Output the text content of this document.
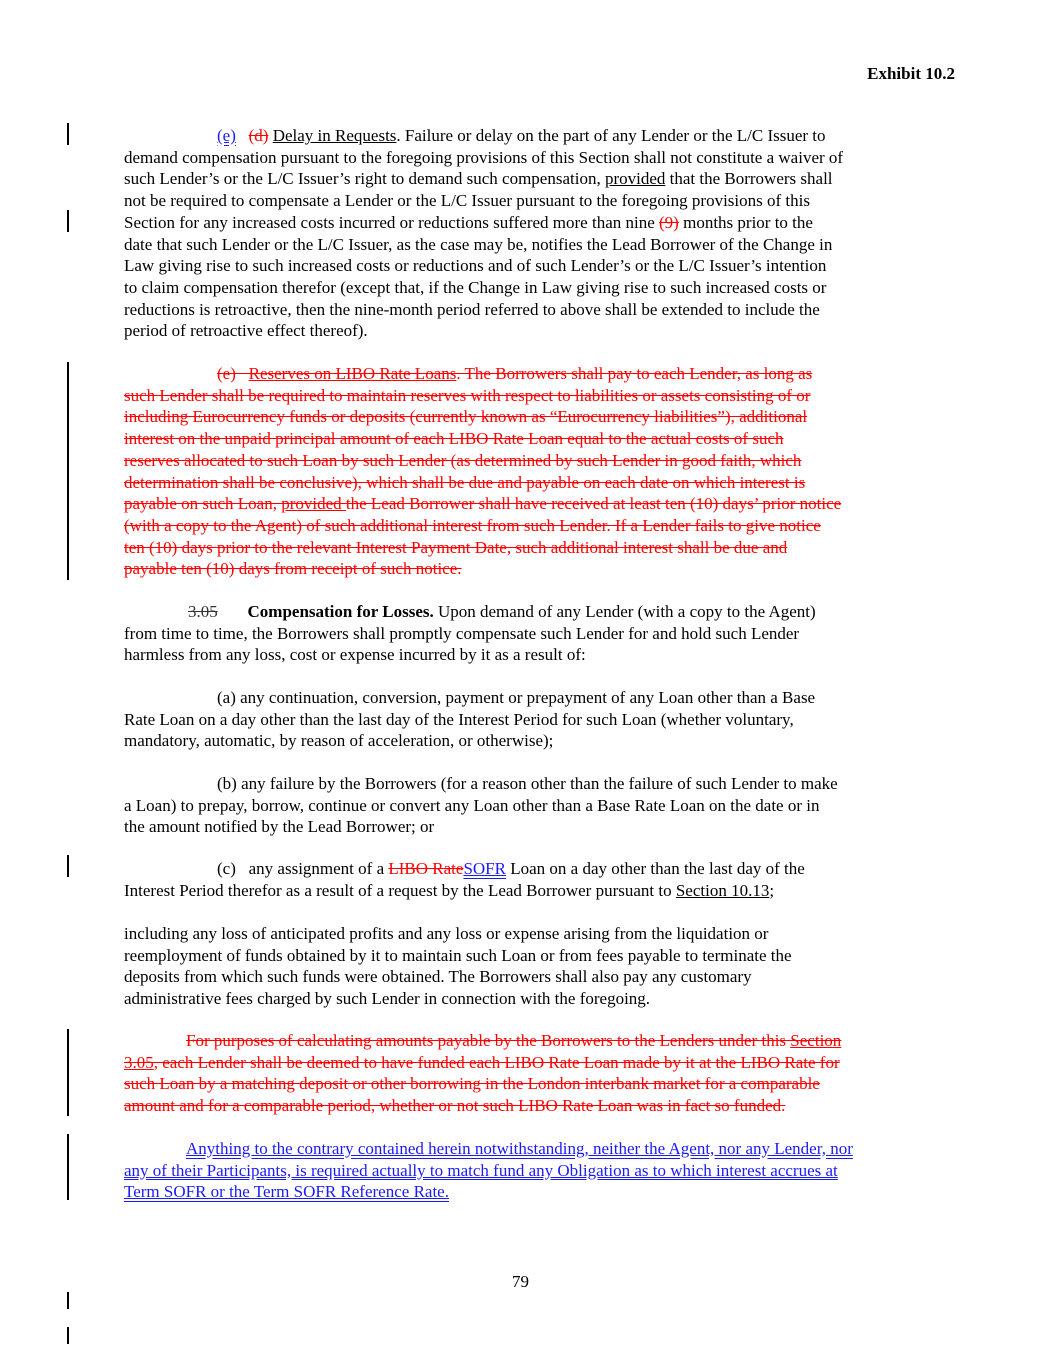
Exhibit 10.2
(e) (d) Delay in Requests. Failure or delay on the part of any Lender or the L/C Issuer to
demand compensation pursuant to the foregoing provisions of this Section shall not constitute a waiver of
such Lender’s or the L/C Issuer’s right to demand such compensation, provided that the Borrowers shall
not be required to compensate a Lender or the L/C Issuer pursuant to the foregoing provisions of this
Section for any increased costs incurred or reductions suffered more than nine (9) months prior to the
date that such Lender or the L/C Issuer, as the case may be, notifies the Lead Borrower of the Change in
Law giving rise to such increased costs or reductions and of such Lender’s or the L/C Issuer’s intention
to claim compensation therefor (except that, if the Change in Law giving rise to such increased costs or
reductions is retroactive, then the nine-month period referred to above shall be extended to include the
period of retroactive effect thereof).
(e)   Reserves on LIBO Rate Loans. The Borrowers shall pay to each Lender, as long as
such Lender shall be required to maintain reserves with respect to liabilities or assets consisting of or
including Eurocurrency funds or deposits (currently known as “Eurocurrency liabilities”), additional
interest on the unpaid principal amount of each LIBO Rate Loan equal to the actual costs of such
reserves allocated to such Loan by such Lender (as determined by such Lender in good faith, which
determination shall be conclusive), which shall be due and payable on each date on which interest is
payable on such Loan, provided the Lead Borrower shall have received at least ten (10) days’ prior notice
(with a copy to the Agent) of such additional interest from such Lender. If a Lender fails to give notice
ten (10) days prior to the relevant Interest Payment Date, such additional interest shall be due and
payable ten (10) days from receipt of such notice.
3.05 Compensation for Losses. Upon demand of any Lender (with a copy to the Agent)
from time to time, the Borrowers shall promptly compensate such Lender for and hold such Lender
harmless from any loss, cost or expense incurred by it as a result of:
(a) any continuation, conversion, payment or prepayment of any Loan other than a Base
Rate Loan on a day other than the last day of the Interest Period for such Loan (whether voluntary,
mandatory, automatic, by reason of acceleration, or otherwise);
(b) any failure by the Borrowers (for a reason other than the failure of such Lender to make
a Loan) to prepay, borrow, continue or convert any Loan other than a Base Rate Loan on the date or in
the amount notified by the Lead Borrower; or
(c)   any assignment of a LIBO RateSOFR Loan on a day other than the last day of the
Interest Period therefor as a result of a request by the Lead Borrower pursuant to Section 10.13;
including any loss of anticipated profits and any loss or expense arising from the liquidation or
reemployment of funds obtained by it to maintain such Loan or from fees payable to terminate the
deposits from which such funds were obtained. The Borrowers shall also pay any customary
administrative fees charged by such Lender in connection with the foregoing.
For purposes of calculating amounts payable by the Borrowers to the Lenders under this Section
3.05, each Lender shall be deemed to have funded each LIBO Rate Loan made by it at the LIBO Rate for
such Loan by a matching deposit or other borrowing in the London interbank market for a comparable
amount and for a comparable period, whether or not such LIBO Rate Loan was in fact so funded.
Anything to the contrary contained herein notwithstanding, neither the Agent, nor any Lender, nor
any of their Participants, is required actually to match fund any Obligation as to which interest accrues at
Term SOFR or the Term SOFR Reference Rate.
79
